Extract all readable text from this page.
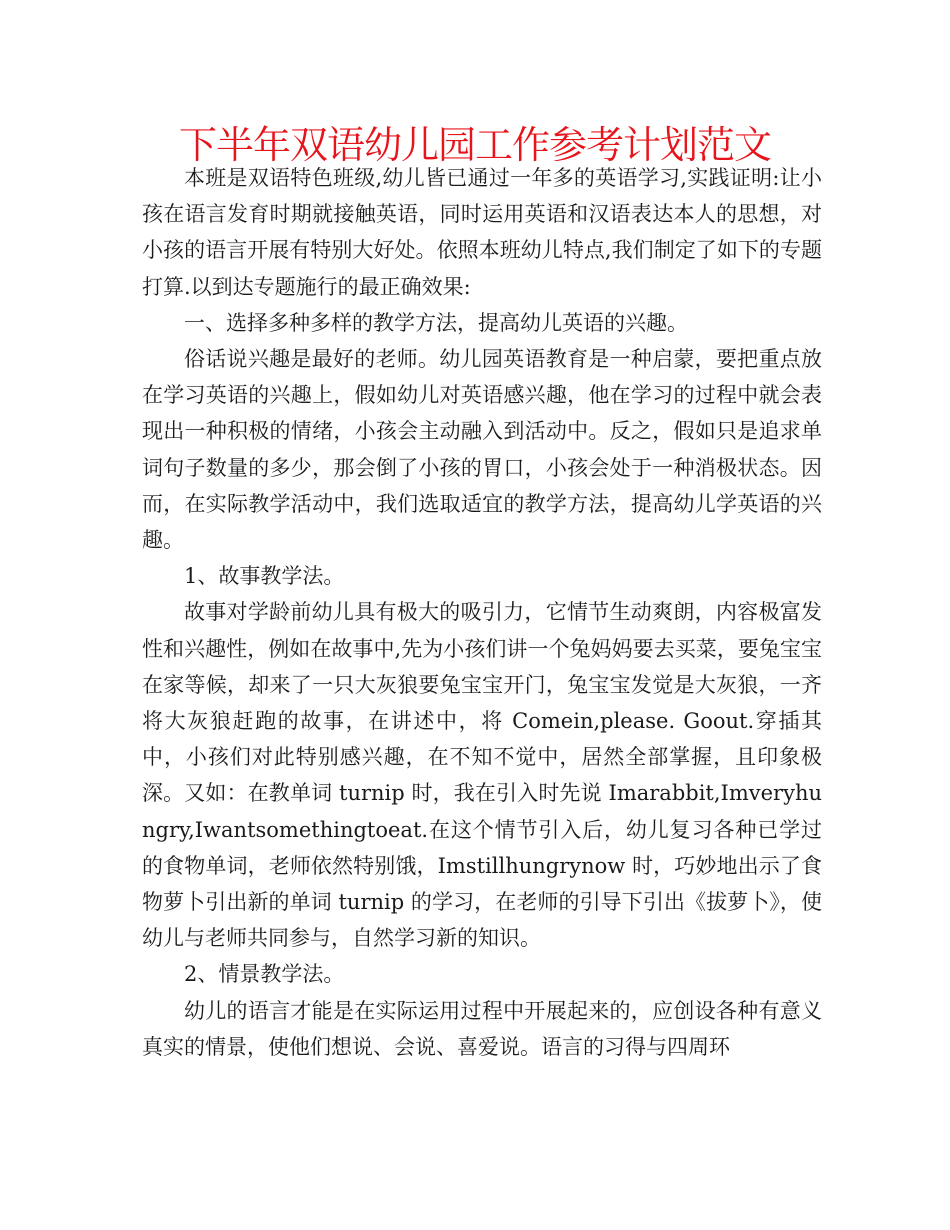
下半年双语幼儿园工作参考计划范文

本班是双语特色班级,幼儿皆已通过一年多的英语学习,实践证明:让小孩在语言发育时期就接触英语，同时运用英语和汉语表达本人的思想，对小孩的语言开展有特别大好处。依照本班幼儿特点,我们制定了如下的专题打算.以到达专题施行的最正确效果:

一、选择多种多样的教学方法，提高幼儿英语的兴趣。

俗话说兴趣是最好的老师。幼儿园英语教育是一种启蒙，要把重点放在学习英语的兴趣上，假如幼儿对英语感兴趣，他在学习的过程中就会表现出一种积极的情绪，小孩会主动融入到活动中。反之，假如只是追求单词句子数量的多少，那会倒了小孩的胃口，小孩会处于一种消极状态。因而，在实际教学活动中，我们选取适宜的教学方法，提高幼儿学英语的兴趣。

1、故事教学法。

故事对学龄前幼儿具有极大的吸引力，它情节生动爽朗，内容极富发性和兴趣性，例如在故事中,先为小孩们讲一个兔妈妈要去买菜，要兔宝宝在家等候，却来了一只大灰狼要兔宝宝开门，兔宝宝发觉是大灰狼，一齐将大灰狼赶跑的故事，在讲述中，将 Comein,please. Goout.穿插其中，小孩们对此特别感兴趣，在不知不觉中，居然全部掌握，且印象极深。又如：在教单词 turnip 时，我在引入时先说 Imarabbit,Imveryhungry,Iwantsomethingtoeat.在这个情节引入后，幼儿复习各种已学过的食物单词，老师依然特别饿，Imstillhungrynow 时，巧妙地出示了食物萝卜引出新的单词 turnip 的学习，在老师的引导下引出《拔萝卜》，使幼儿与老师共同参与，自然学习新的知识。

2、情景教学法。

幼儿的语言才能是在实际运用过程中开展起来的，应创设各种有意义真实的情景，使他们想说、会说、喜爱说。语言的习得与四周环
